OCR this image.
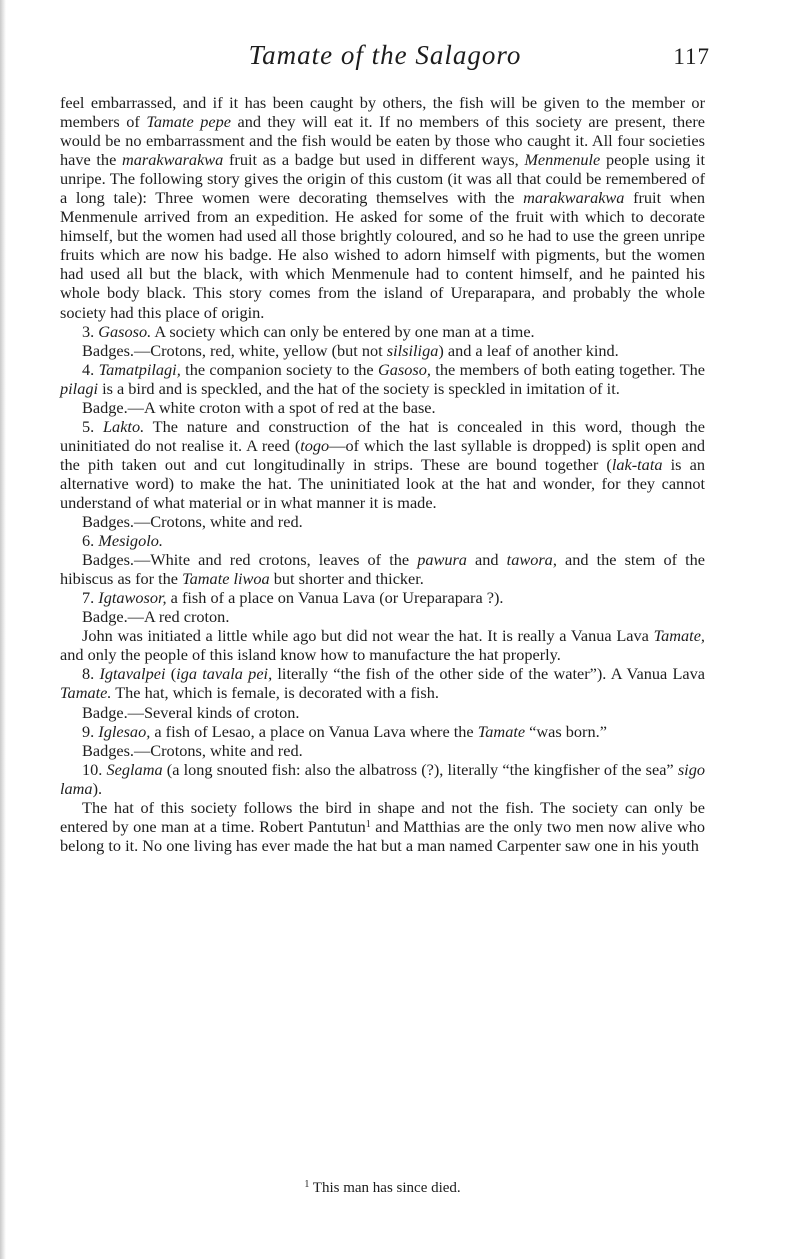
Tamate of the Salagoro	117

feel embarrassed, and if it has been caught by others, the fish will be given to the member or members of Tamate pepe and they will eat it. If no members of this society are present, there would be no embarrassment and the fish would be eaten by those who caught it. All four societies have the marakwarakwa fruit as a badge but used in different ways, Menmenule people using it unripe. The following story gives the origin of this custom (it was all that could be remembered of a long tale): Three women were decorating themselves with the marakwarakwa fruit when Menmenule arrived from an expedition. He asked for some of the fruit with which to decorate himself, but the women had used all those brightly coloured, and so he had to use the green unripe fruits which are now his badge. He also wished to adorn himself with pigments, but the women had used all but the black, with which Menmenule had to content himself, and he painted his whole body black. This story comes from the island of Ureparapara, and probably the whole society had this place of origin.

3. Gasoso. A society which can only be entered by one man at a time.

Badges.—Crotons, red, white, yellow (but not silsiliga) and a leaf of another kind.

4. Tamatpilagi, the companion society to the Gasoso, the members of both eating together. The pilagi is a bird and is speckled, and the hat of the society is speckled in imitation of it.

Badge.—A white croton with a spot of red at the base.

5. Lakto. The nature and construction of the hat is concealed in this word, though the uninitiated do not realise it. A reed (togo—of which the last syllable is dropped) is split open and the pith taken out and cut longitudinally in strips. These are bound together (lak-tata is an alternative word) to make the hat. The uninitiated look at the hat and wonder, for they cannot understand of what material or in what manner it is made.

Badges.—Crotons, white and red.

6. Mesigolo.

Badges.—White and red crotons, leaves of the pawura and tawora, and the stem of the hibiscus as for the Tamate liwoa but shorter and thicker.

7. Igtawosor, a fish of a place on Vanua Lava (or Ureparapara ?).

Badge.—A red croton.

John was initiated a little while ago but did not wear the hat. It is really a Vanua Lava Tamate, and only the people of this island know how to manufacture the hat properly.

8. Igtavalpei (iga tavala pei, literally “the fish of the other side of the water”). A Vanua Lava Tamate. The hat, which is female, is decorated with a fish.

Badge.—Several kinds of croton.

9. Iglesao, a fish of Lesao, a place on Vanua Lava where the Tamate “was born.”

Badges.—Crotons, white and red.

10. Seglama (a long snouted fish: also the albatross (?), literally “the kingfisher of the sea” sigo lama).

The hat of this society follows the bird in shape and not the fish. The society can only be entered by one man at a time. Robert Pantutun$^1$ and Matthias are the only two men now alive who belong to it. No one living has ever made the hat but a man named Carpenter saw one in his youth

$^1$ This man has since died.
